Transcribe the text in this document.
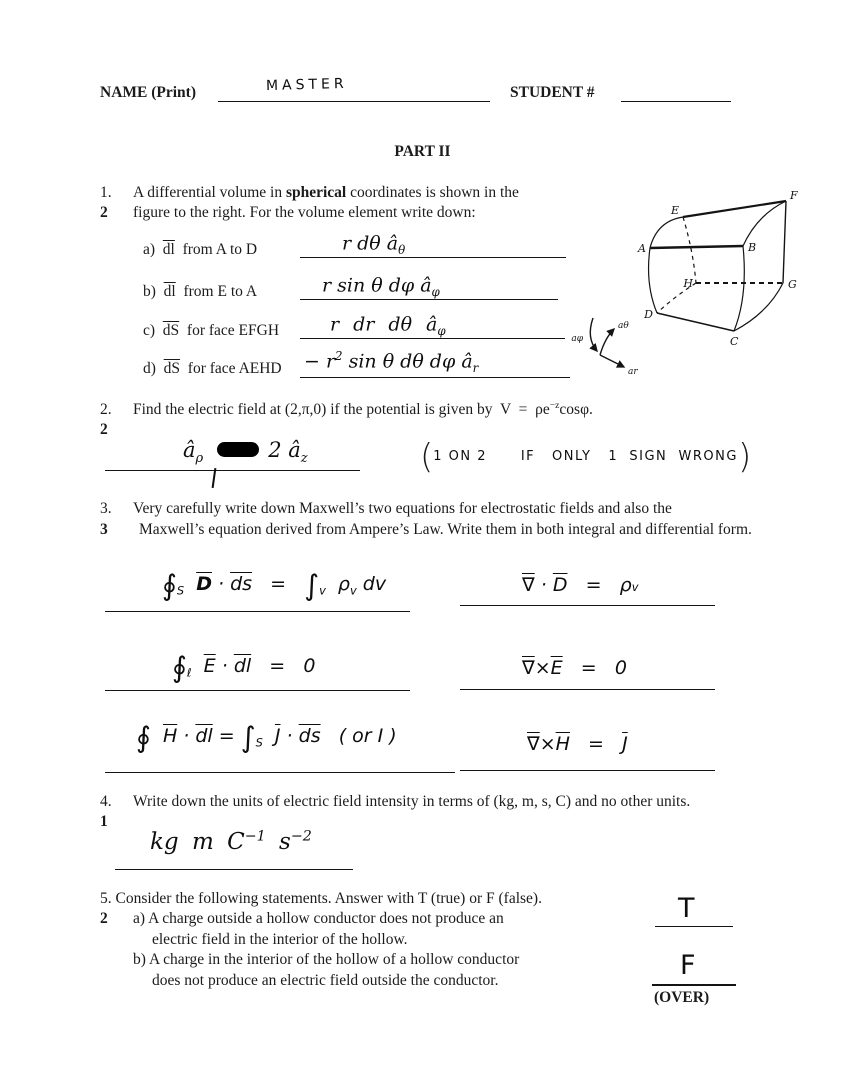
NAME (Print)	MASTER	STUDENT #
PART II
1. A differential volume in spherical coordinates is shown in the
2 figure to the right. For the volume element write down:
a) $\overline{dl}$ from A to D	r dθ $â_\theta$
b) $\overline{dl}$ from E to A	r sin θ dφ $â_\varphi$
c) $\overline{dS}$ for face EFGH	r dr dθ $â_\varphi$
d) $\overline{dS}$ for face AEHD − $r^2$ sin θ dθ dφ $â_r$
A	B
C
D
E
F
G
H
aφ
aθ
ar
2. Find the electric field at (2,π,0) if the potential is given by  $V = \rho e^{-z}\cos\varphi$.
2
$â_\rho$	2 $â_z$	($^{1 ON 2 IF ONLY 1 SIGN WRONG}$)
3. Very carefully write down Maxwell’s two equations for electrostatic fields and also the
3 Maxwell’s equation derived from Ampere’s Law. Write them in both integral and differential form.
$∮_S$ $\overline{D} \cdot \overline{ds} = \int_v$  $\rho_v$ dv	∇ · $\overline{D} = \rho v$
$∮_\ell$ $\overline{E} \cdot \overline{dl} = 0$	$\nabla\times\overline{E} = 0$
∮ $\overline{H} \cdot \overline{dl} = \int_S$ $\overline{J} \cdot \overline{ds}$   ( or I )	$\nabla\times\overline{H} = \overline{J}$
4. Write down the units of electric field intensity in terms of (kg, m, s, C) and no other units.
1
kg m $C^{-1}$ $s^{-2}$
5. Consider the following statements. Answer with T (true) or F (false).
2 a) A charge outside a hollow conductor does not produce an
electric field in the interior of the hollow.
b) A charge in the interior of the hollow of a hollow conductor
does not produce an electric field outside the conductor.
T
F
(OVER)
